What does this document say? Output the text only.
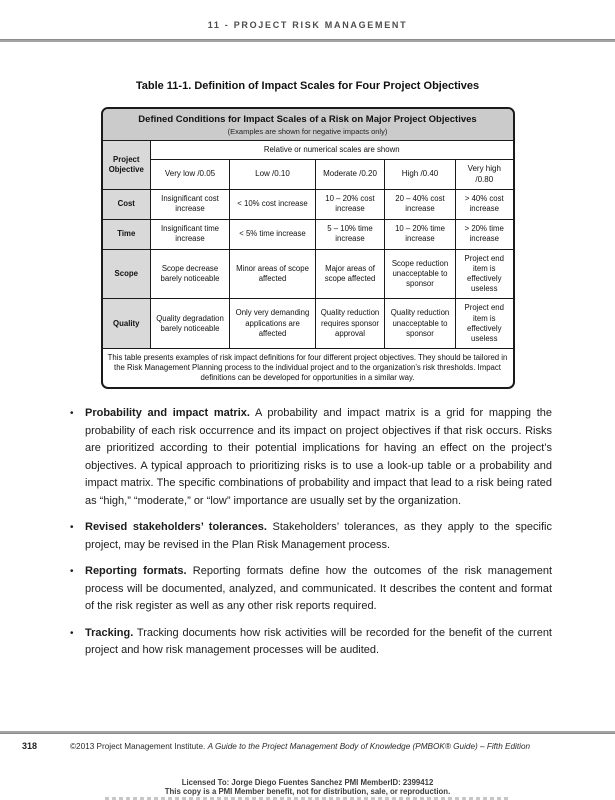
11 - PROJECT RISK MANAGEMENT
Table 11-1. Definition of Impact Scales for Four Project Objectives
Defined Conditions for Impact Scales of a Risk on Major Project Objectives
(Examples are shown for negative impacts only)
Project Objective	Relative or numerical scales are shown				
	Very low /0.05	Low /0.10	Moderate /0.20	High /0.40	Very high /0.80
Cost	Insignificant cost increase	< 10% cost increase	10 – 20% cost increase	20 – 40% cost increase	> 40% cost increase
Time	Insignificant time increase	< 5% time increase	5 – 10% time increase	10 – 20% time increase	> 20% time increase
Scope	Scope decrease barely noticeable	Minor areas of scope affected	Major areas of scope affected	Scope reduction unacceptable to sponsor	Project end item is effectively useless
Quality	Quality degradation barely noticeable	Only very demanding applications are affected	Quality reduction requires sponsor approval	Quality reduction unacceptable to sponsor	Project end item is effectively useless
This table presents examples of risk impact definitions for four different project objectives. They should be tailored in the Risk Management Planning process to the individual project and to the organization’s risk thresholds. Impact definitions can be developed for opportunities in a similar way.					
•	Probability and impact matrix. A probability and impact matrix is a grid for mapping the probability of each risk occurrence and its impact on project objectives if that risk occurs. Risks are prioritized according to their potential implications for having an effect on the project’s objectives. A typical approach to prioritizing risks is to use a look-up table or a probability and impact matrix. The specific combinations of probability and impact that lead to a risk being rated as “high,” “moderate,” or “low” importance are usually set by the organization.

•	Revised stakeholders’ tolerances. Stakeholders’ tolerances, as they apply to the specific project, may be revised in the Plan Risk Management process.

•	Reporting formats. Reporting formats define how the outcomes of the risk management process will be documented, analyzed, and communicated. It describes the content and format of the risk register as well as any other risk reports required.

•	Tracking. Tracking documents how risk activities will be recorded for the benefit of the current project and how risk management processes will be audited.

318	©2013 Project Management Institute. A Guide to the Project Management Body of Knowledge (PMBOK® Guide) – Fifth Edition
Licensed To: Jorge Diego Fuentes Sanchez PMI MemberID: 2399412
This copy is a PMI Member benefit, not for distribution, sale, or reproduction.
